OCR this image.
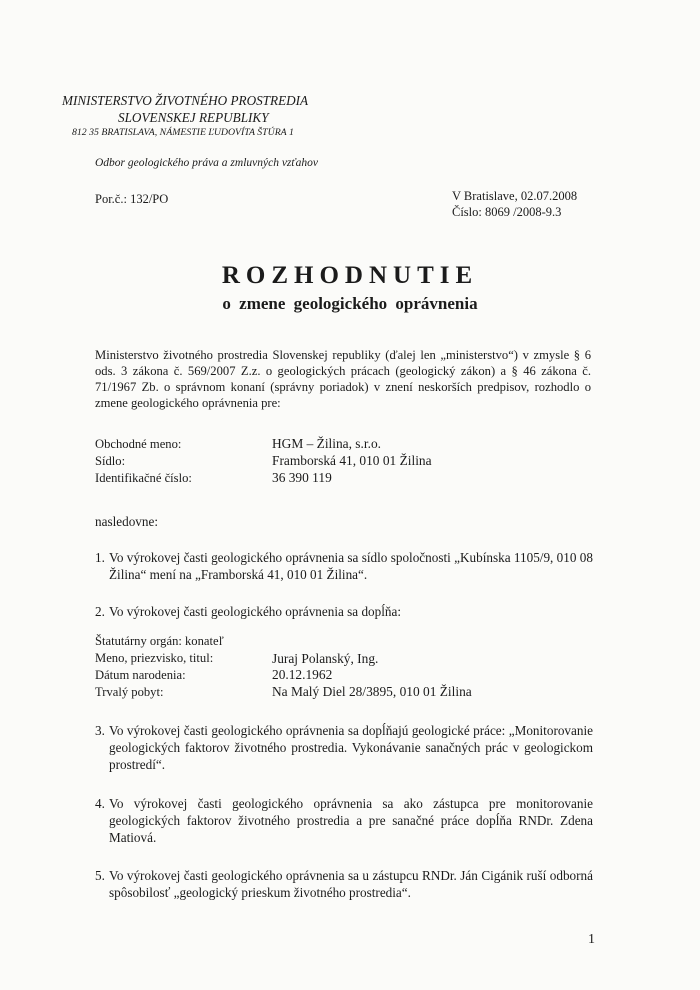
MINISTERSTVO ŽIVOTNÉHO PROSTREDIA
SLOVENSKEJ REPUBLIKY
812 35 BRATISLAVA, NÁMESTIE ĽUDOVÍTA ŠTÚRA 1
Odbor geologického práva a zmluvných vzťahov
Por.č.: 132/PO	V Bratislave, 02.07.2008
Číslo: 8069 /2008-9.3
ROZHODNUTIE
o zmene geologického oprávnenia
Ministerstvo životného prostredia Slovenskej republiky (ďalej len „ministerstvo“) v zmysle § 6 ods. 3 zákona č. 569/2007 Z.z. o geologických prácach (geologický zákon) a § 46 zákona č. 71/1967 Zb. o správnom konaní (správny poriadok) v znení neskorších predpisov, rozhodlo o zmene geologického oprávnenia pre:
Obchodné meno:	HGM – Žilina, s.r.o.
Sídlo:	Framborská 41, 010 01 Žilina
Identifikačné číslo:	36 390 119
nasledovne:
1. Vo výrokovej časti geologického oprávnenia sa sídlo spoločnosti „Kubínska 1105/9, 010 08 Žilina“ mení na „Framborská 41, 010 01 Žilina“.
2. Vo výrokovej časti geologického oprávnenia sa dopĺňa:
Štatutárny orgán: konateľ
Meno, priezvisko, titul:	Juraj Polanský, Ing.
Dátum narodenia:	20.12.1962
Trvalý pobyt:	Na Malý Diel 28/3895, 010 01 Žilina
3. Vo výrokovej časti geologického oprávnenia sa dopĺňajú geologické práce: „Monitorovanie geologických faktorov životného prostredia. Vykonávanie sanačných prác v geologickom prostredí“.
4. Vo výrokovej časti geologického oprávnenia sa ako zástupca pre monitorovanie geologických faktorov životného prostredia a pre sanačné práce dopĺňa RNDr. Zdena Matiová.
5. Vo výrokovej časti geologického oprávnenia sa u zástupcu RNDr. Ján Cigánik ruší odborná spôsobilosť „geologický prieskum životného prostredia“.
1
